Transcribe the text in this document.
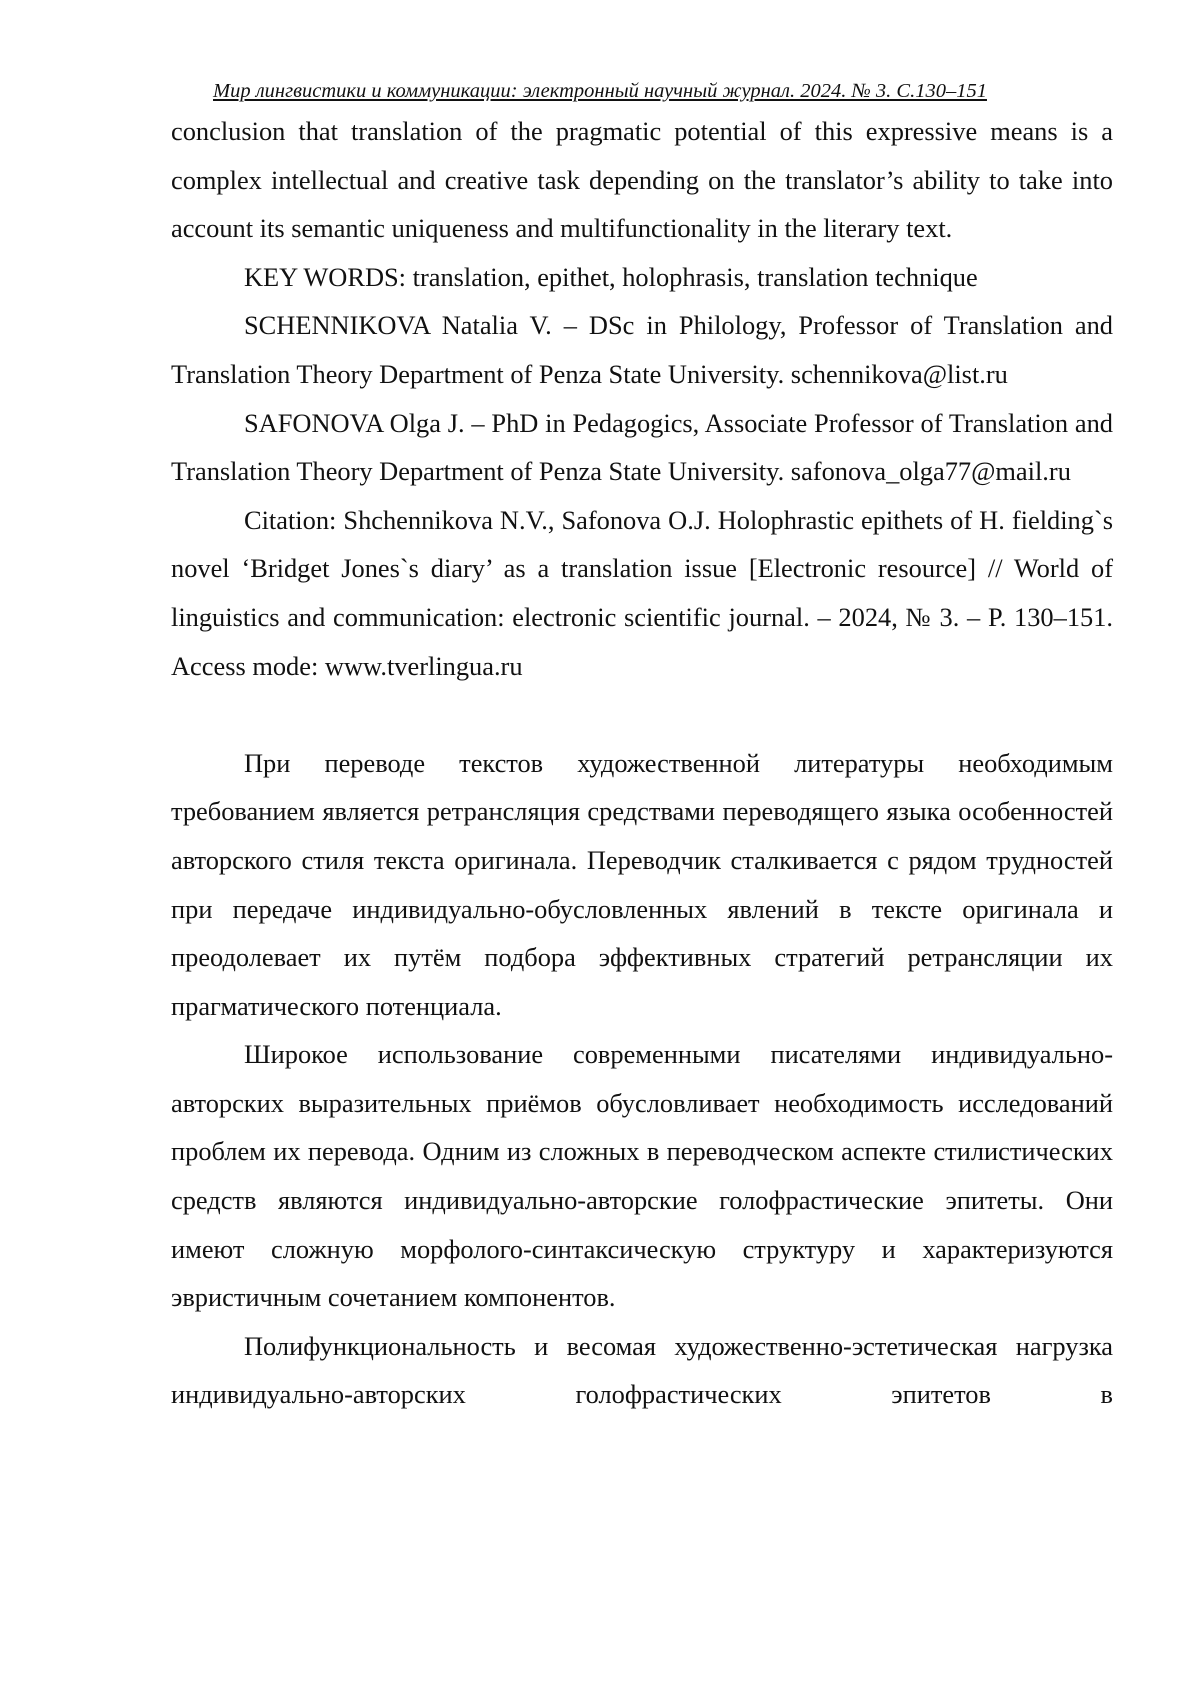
Мир лингвистики и коммуникации: электронный научный журнал. 2024. № 3. С.130–151

conclusion that translation of the pragmatic potential of this expressive means is a complex intellectual and creative task depending on the translator’s ability to take into account its semantic uniqueness and multifunctionality in the literary text.

KEY WORDS: translation, epithet, holophrasis, translation technique

SCHENNIKOVA Natalia V. – DSc in Philology, Professor of Translation and Translation Theory Department of Penza State University. schennikova@list.ru

SAFONOVA Olga J. – PhD in Pedagogics, Associate Professor of Translation and Translation Theory Department of Penza State University. safonova_olga77@mail.ru

Citation: Shchennikova N.V., Safonova O.J. Holophrastic epithets of H. fielding`s novel ‘Bridget Jones`s diary’ as a translation issue [Electronic resource] // World of linguistics and communication: electronic scientific journal. – 2024, № 3. – P. 130–151. Access mode: www.tverlingua.ru

При переводе текстов художественной литературы необходимым требованием является ретрансляция средствами переводящего языка особенностей авторского стиля текста оригинала. Переводчик сталкивается с рядом трудностей при передаче индивидуально-обусловленных явлений в тексте оригинала и преодолевает их путём подбора эффективных стратегий ретрансляции их прагматического потенциала.

Широкое использование современными писателями индивидуально-авторских выразительных приёмов обусловливает необходимость исследований проблем их перевода. Одним из сложных в переводческом аспекте стилистических средств являются индивидуально-авторские голофрастические эпитеты. Они имеют сложную морфолого-синтаксическую структуру и характеризуются эвристичным сочетанием компонентов.

Полифункциональность и весомая художественно-эстетическая нагрузка индивидуально-авторских голофрастических эпитетов в
